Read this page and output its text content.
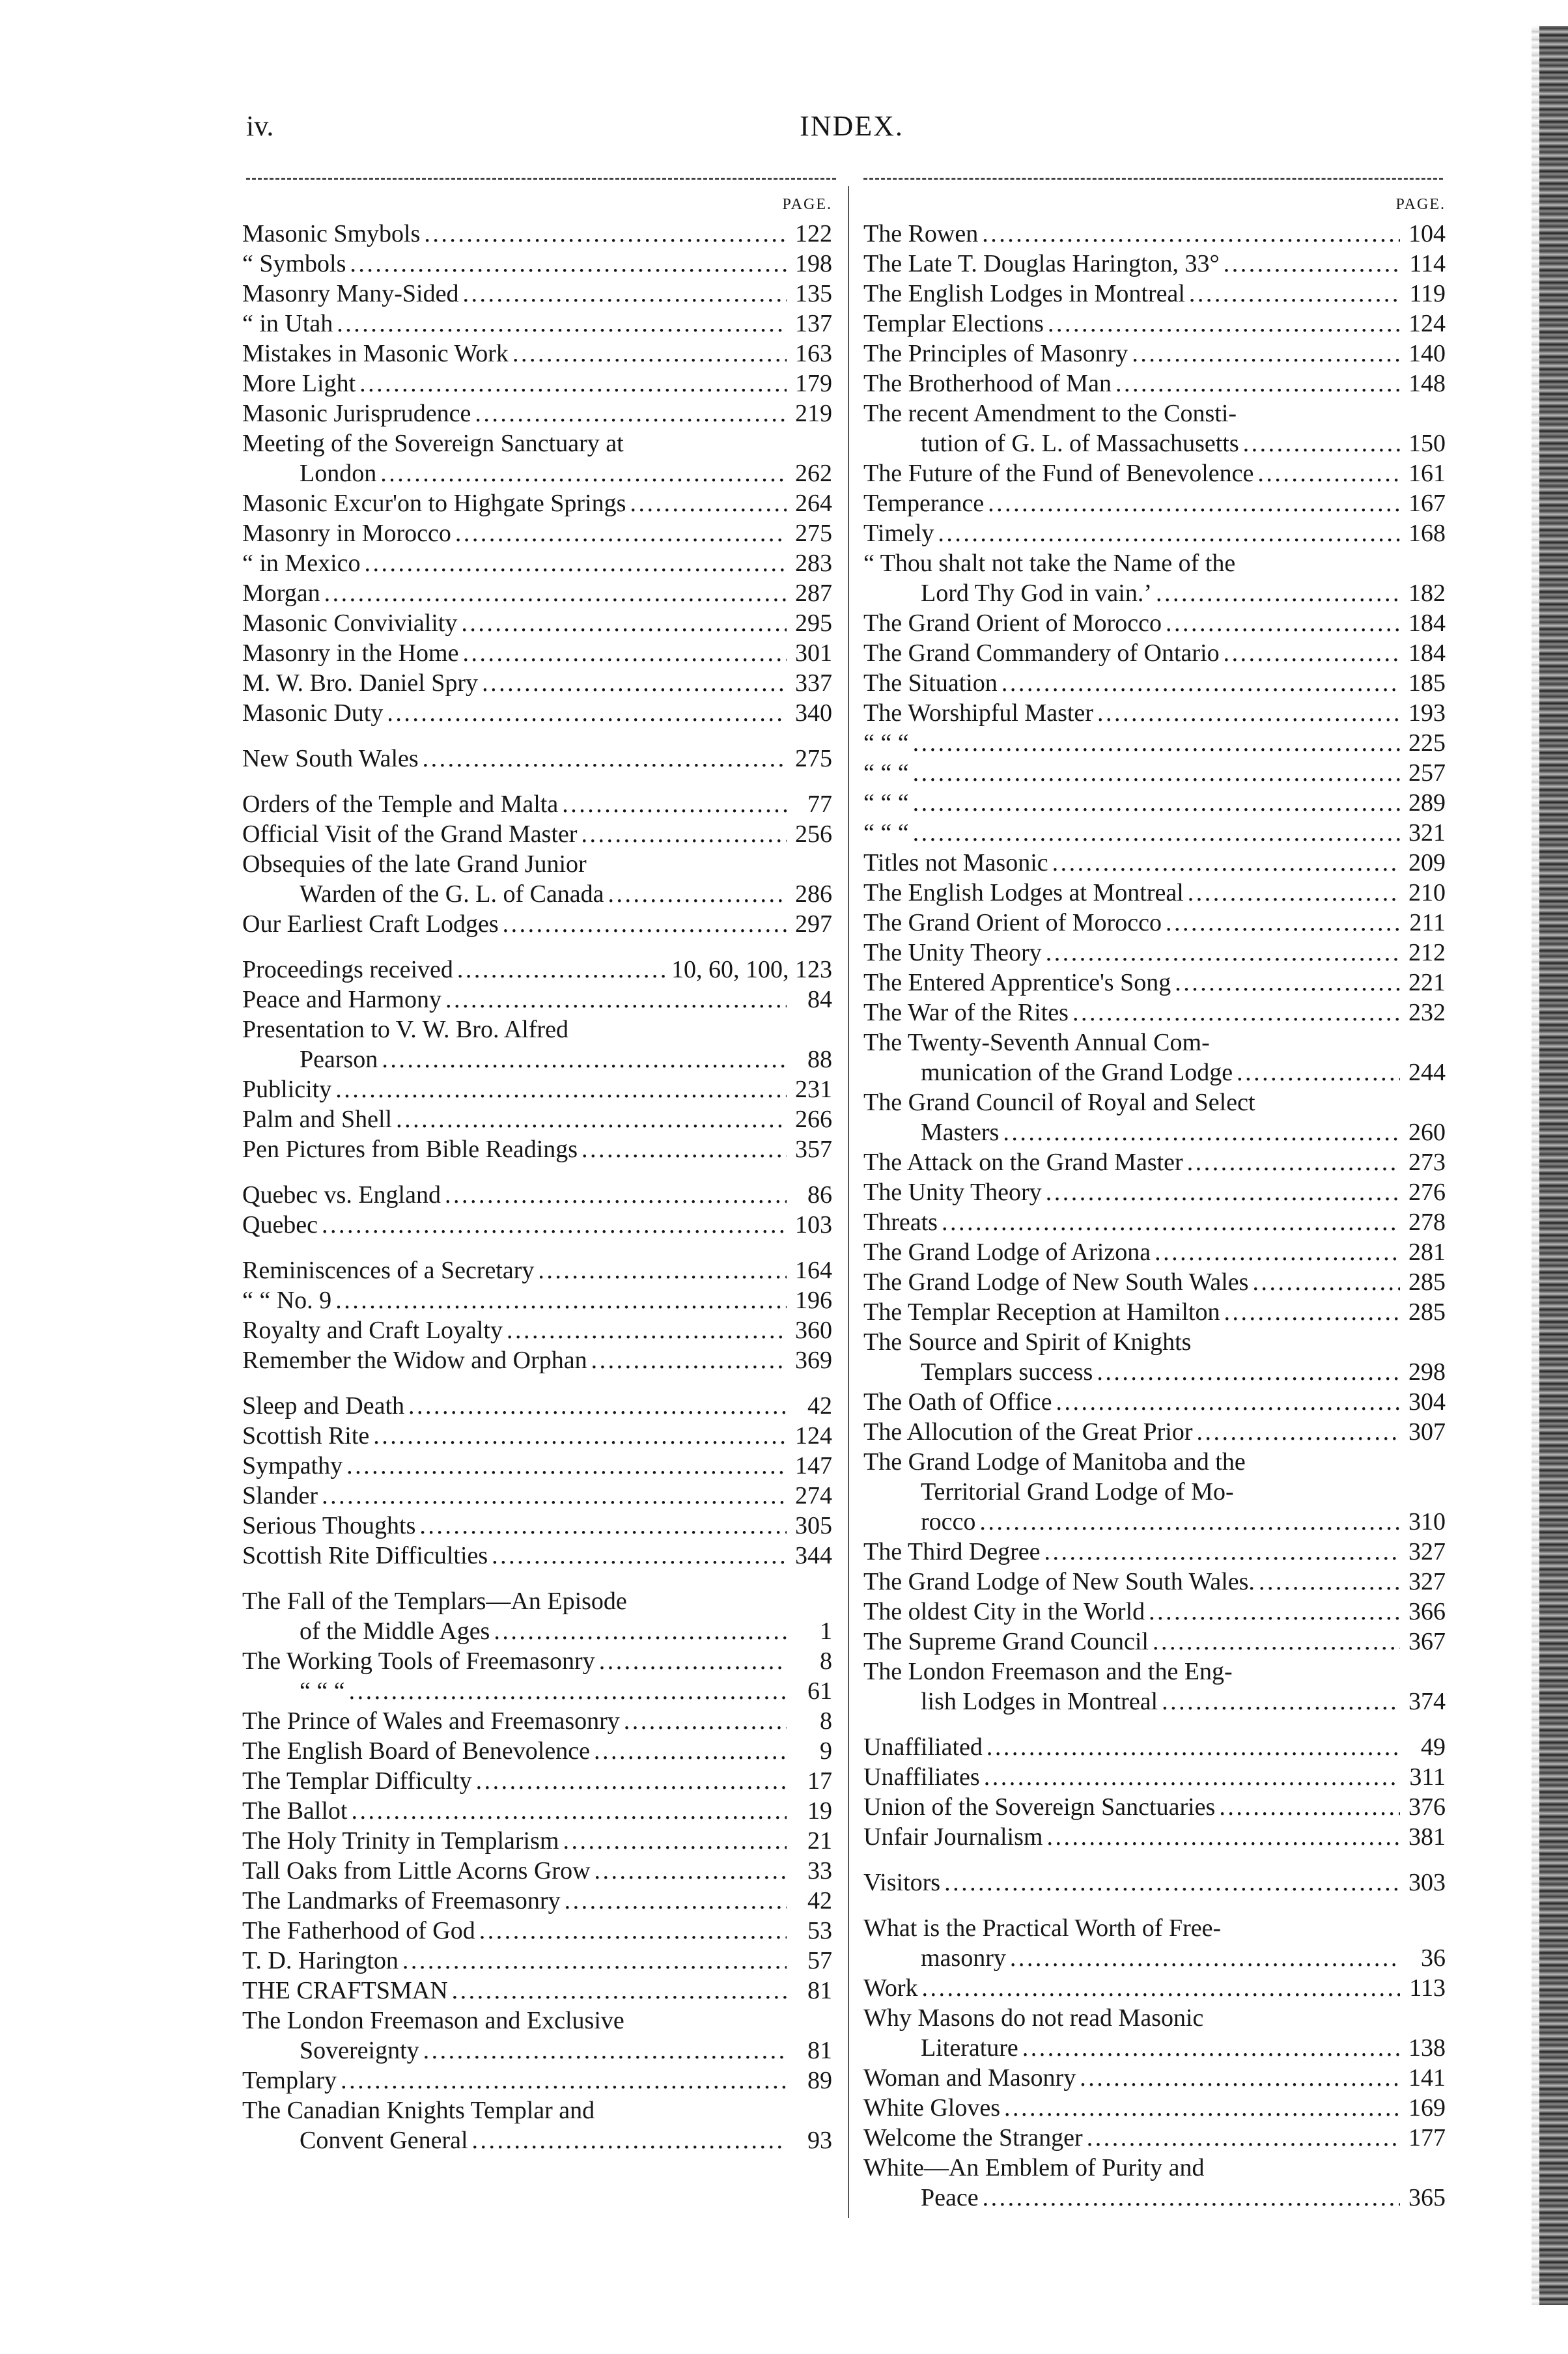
iv.	INDEX.
PAGE.
Masonic Smybols . . .	122
“ Symbols . . .	198
Masonry Many-Sided . . .	135
“ in Utah . . .	137
Mistakes in Masonic Work . . .	163
More Light . . .	179
Masonic Jurisprudence . . .	219
Meeting of the Sovereign Sanctuary at
London . . .	262
Masonic Excur'on to Highgate Springs . . .	264
Masonry in Morocco . . .	275
“ in Mexico . . .	283
Morgan . . .	287
Masonic Conviviality . . .	295
Masonry in the Home . . .	301
M. W. Bro. Daniel Spry . . .	337
Masonic Duty . . .	340
New South Wales . . .	275
Orders of the Temple and Malta . . .	77
Official Visit of the Grand Master . . .	256
Obsequies of the late Grand Junior
Warden of the G. L. of Canada . . .	286
Our Earliest Craft Lodges . . .	297
Proceedings received . . .	10, 60, 100, 123
Peace and Harmony . . .	84
Presentation to V. W. Bro. Alfred
Pearson . . .	88
Publicity . . .	231
Palm and Shell . . .	266
Pen Pictures from Bible Readings . . .	357
Quebec vs. England . . .	86
Quebec . . .	103
Reminiscences of a Secretary . . .	164
“ “ No. 9 . . .	196
Royalty and Craft Loyalty . . .	360
Remember the Widow and Orphan . . .	369
Sleep and Death . . .	42
Scottish Rite . . .	124
Sympathy . . .	147
Slander . . .	274
Serious Thoughts . . .	305
Scottish Rite Difficulties . . .	344
The Fall of the Templars—An Episode
of the Middle Ages . . .	1
The Working Tools of Freemasonry . . .	8
“ “ “ . . .	61
The Prince of Wales and Freemasonry . . .	8
The English Board of Benevolence . . .	9
The Templar Difficulty . . .	17
The Ballot . . .	19
The Holy Trinity in Templarism . . .	21
Tall Oaks from Little Acorns Grow . . .	33
The Landmarks of Freemasonry . . .	42
The Fatherhood of God . . .	53
T. D. Harington . . .	57
THE CRAFTSMAN . . .	81
The London Freemason and Exclusive
Sovereignty . . .	81
Templary . . .	89
The Canadian Knights Templar and
Convent General . . .	93
PAGE.
The Rowen . . .	104
The Late T. Douglas Harington, 33° . . .	114
The English Lodges in Montreal . . .	119
Templar Elections . . .	124
The Principles of Masonry . . .	140
The Brotherhood of Man . . .	148
The recent Amendment to the Consti-
tution of G. L. of Massachusetts . . .	150
The Future of the Fund of Benevolence . . .	161
Temperance . . .	167
Timely . . .	168
“ Thou shalt not take the Name of the
Lord Thy God in vain.’ . . .	182
The Grand Orient of Morocco . . .	184
The Grand Commandery of Ontario . . .	184
The Situation . . .	185
The Worshipful Master . . .	193
“ “ “ . . .	225
“ “ “ . . .	257
“ “ “ . . .	289
“ “ “ . . .	321
Titles not Masonic . . .	209
The English Lodges at Montreal . . .	210
The Grand Orient of Morocco . . .	211
The Unity Theory . . .	212
The Entered Apprentice's Song . . .	221
The War of the Rites . . .	232
The Twenty-Seventh Annual Com-
munication of the Grand Lodge . . .	244
The Grand Council of Royal and Select
Masters . . .	260
The Attack on the Grand Master . . .	273
The Unity Theory . . .	276
Threats . . .	278
The Grand Lodge of Arizona . . .	281
The Grand Lodge of New South Wales . . .	285
The Templar Reception at Hamilton . . .	285
The Source and Spirit of Knights
Templars success . . .	298
The Oath of Office . . .	304
The Allocution of the Great Prior . . .	307
The Grand Lodge of Manitoba and the
Territorial Grand Lodge of Mo-
rocco . . .	310
The Third Degree . . .	327
The Grand Lodge of New South Wales. . . .	327
The oldest City in the World . . .	366
The Supreme Grand Council . . .	367
The London Freemason and the Eng-
lish Lodges in Montreal . . .	374
Unaffiliated . . .	49
Unaffiliates . . .	311
Union of the Sovereign Sanctuaries . . .	376
Unfair Journalism . . .	381
Visitors . . .	303
What is the Practical Worth of Free-
masonry . . .	36
Work . . .	113
Why Masons do not read Masonic
Literature . . .	138
Woman and Masonry . . .	141
White Gloves . . .	169
Welcome the Stranger . . .	177
White—An Emblem of Purity and
Peace . . .	365
